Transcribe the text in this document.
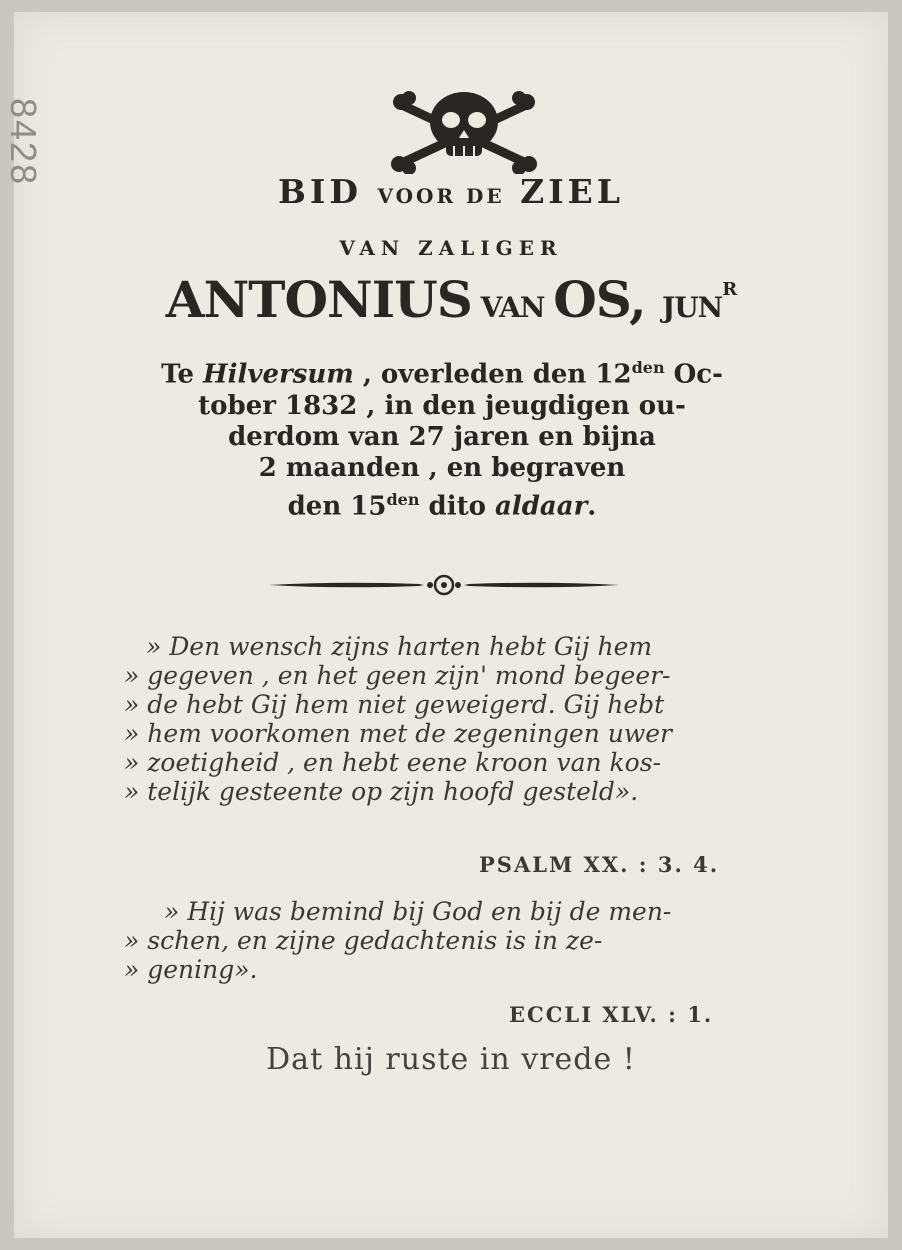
8428
BID VOOR DE ZIEL
VAN ZALIGER
ANTONIUS VAN OS, $JUN^R$
Te Hilversum , overleden den $12^{den}$ Oc-
tober 1832 , in den jeugdigen ou-
derdom van 27 jaren en bijna
2 maanden , en begraven
den $15^{den}$ dito aldaar.
» Den wensch zijns harten hebt Gij hem
» gegeven , en het geen zijn' mond begeer-
» de hebt Gij hem niet geweigerd. Gij hebt
» hem voorkomen met de zegeningen uwer
» zoetigheid , en hebt eene kroon van kos-
» telijk gesteente op zijn hoofd gesteld».
PSALM XX. : 3. 4.
» Hij was bemind bij God en bij de men-
» schen, en zijne gedachtenis is in ze-
» gening».
ECCLI XLV. : 1.
Dat hij ruste in vrede !
